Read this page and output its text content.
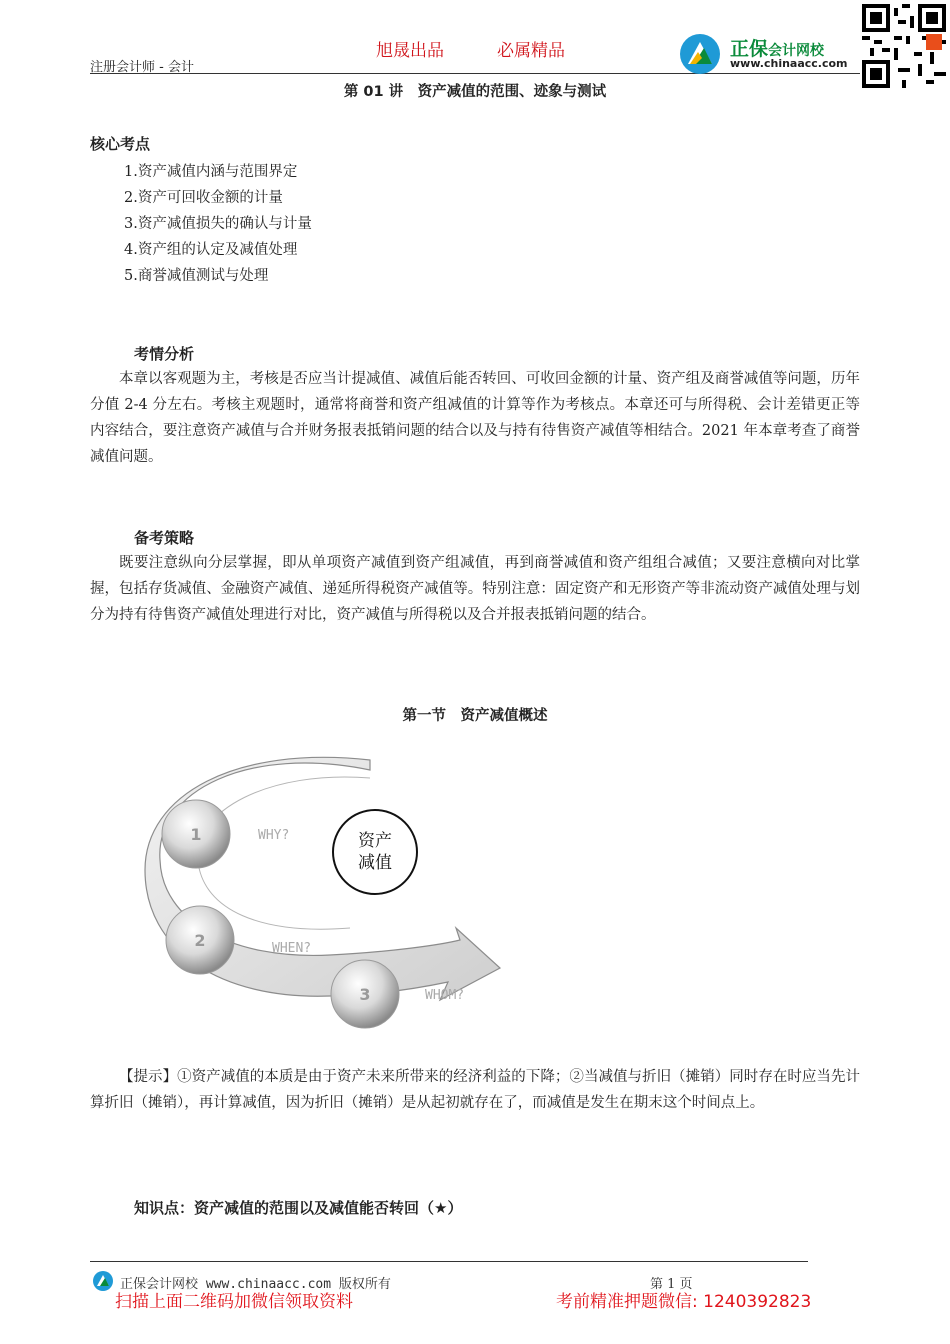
注册会计师 - 会计
旭晟出品	必属精品	正保会计网校
www.chinaacc.com
第 01 讲　资产减值的范围、迹象与测试
核心考点
1.资产减值内涵与范围界定
2.资产可回收金额的计量
3.资产减值损失的确认与计量
4.资产组的认定及减值处理
5.商誉减值测试与处理
考情分析
本章以客观题为主，考核是否应当计提减值、减值后能否转回、可收回金额的计量、资产组及商誉减值等问题，历年分值 2-4 分左右。考核主观题时，通常将商誉和资产组减值的计算等作为考核点。本章还可与所得税、会计差错更正等内容结合，要注意资产减值与合并财务报表抵销问题的结合以及与持有待售资产减值等相结合。2021 年本章考查了商誉减值问题。
备考策略
既要注意纵向分层掌握，即从单项资产减值到资产组减值，再到商誉减值和资产组组合减值；又要注意横向对比掌握，包括存货减值、金融资产减值、递延所得税资产减值等。特别注意：固定资产和无形资产等非流动资产减值处理与划分为持有待售资产减值处理进行对比，资产减值与所得税以及合并报表抵销问题的结合。
第一节　资产减值概述
资产
减值
1	WHY?
2	WHEN?
3	WHOM?
【提示】①资产减值的本质是由于资产未来所带来的经济利益的下降；②当减值与折旧（摊销）同时存在时应当先计算折旧（摊销），再计算减值，因为折旧（摊销）是从起初就存在了，而减值是发生在期末这个时间点上。
知识点：资产减值的范围以及减值能否转回（★）
正保会计网校 www.chinaacc.com 版权所有	第 1 页
扫描上面二维码加微信领取资料	考前精准押题微信: 1240392823
